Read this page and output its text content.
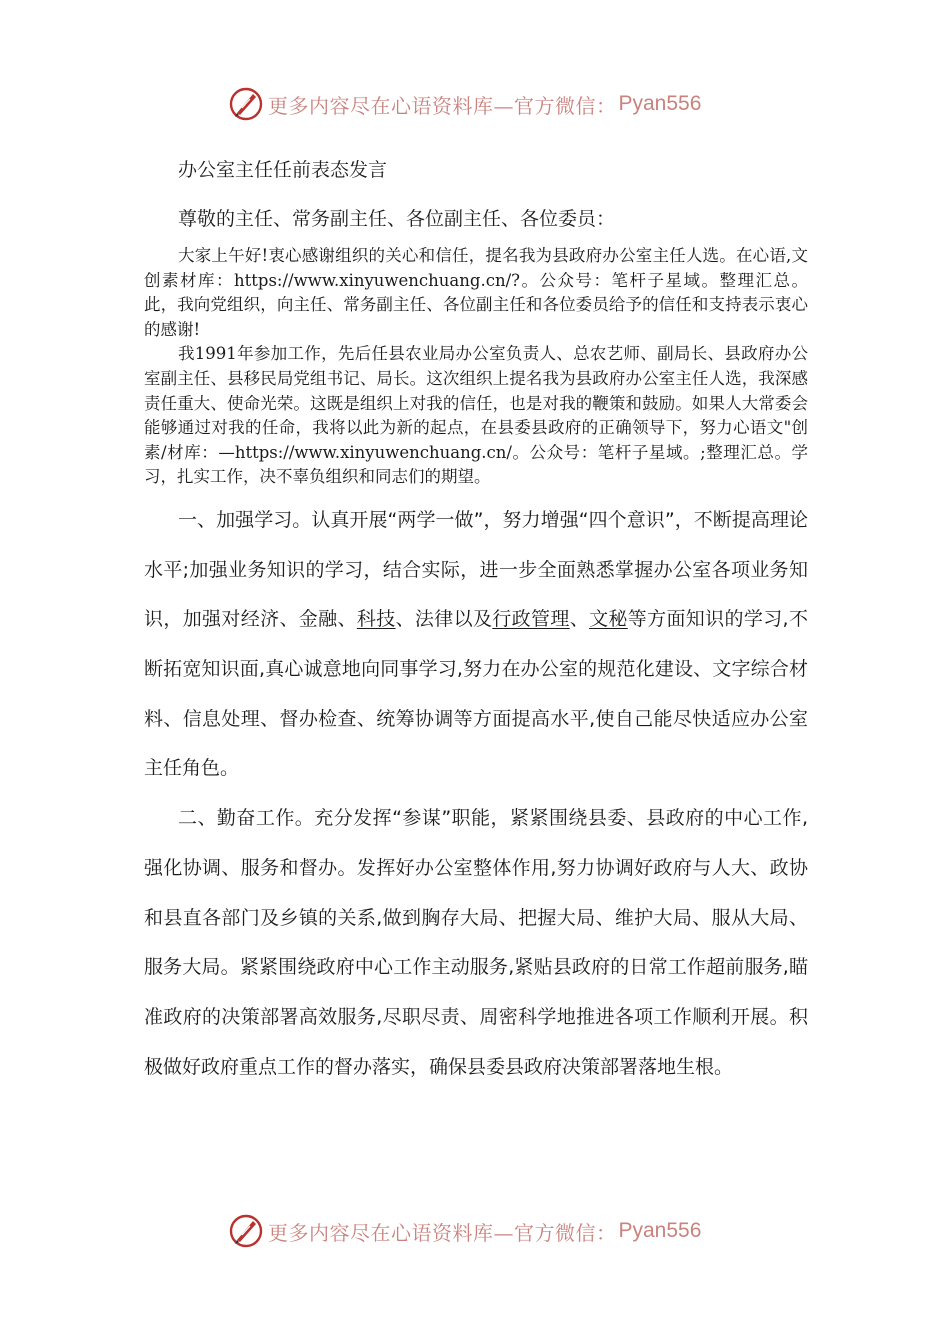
更多内容尽在心语资料库—官方微信： Pyan556
办公室主任任前表态发言

尊敬的主任、常务副主任、各位副主任、各位委员：

大家上午好!衷心感谢组织的关心和信任，提名我为县政府办公室主任人选。在心语,文创素材库：https://www.xinyuwenchuang.cn/?。公众号：笔杆子星域。整理汇总。此，我向党组织，向主任、常务副主任、各位副主任和各位委员给予的信任和支持表示衷心的感谢!

我1991年参加工作，先后任县农业局办公室负责人、总农艺师、副局长、县政府办公室副主任、县移民局党组书记、局长。这次组织上提名我为县政府办公室主任人选，我深感责任重大、使命光荣。这既是组织上对我的信任，也是对我的鞭策和鼓励。如果人大常委会能够通过对我的任命，我将以此为新的起点，在县委县政府的正确领导下，努力心语文"创素/材库：—https://www.xinyuwenchuang.cn/。公众号：笔杆子星域。;整理汇总。学习，扎实工作，决不辜负组织和同志们的期望。

一、加强学习。认真开展“两学一做”，努力增强“四个意识”，不断提高理论水平;加强业务知识的学习，结合实际，进一步全面熟悉掌握办公室各项业务知识，加强对经济、金融、科技、法律以及行政管理、文秘等方面知识的学习,不断拓宽知识面,真心诚意地向同事学习,努力在办公室的规范化建设、文字综合材料、信息处理、督办检查、统筹协调等方面提高水平,使自己能尽快适应办公室主任角色。

二、勤奋工作。充分发挥“参谋”职能，紧紧围绕县委、县政府的中心工作,强化协调、服务和督办。发挥好办公室整体作用,努力协调好政府与人大、政协和县直各部门及乡镇的关系,做到胸存大局、把握大局、维护大局、服从大局、服务大局。紧紧围绕政府中心工作主动服务,紧贴县政府的日常工作超前服务,瞄准政府的决策部署高效服务,尽职尽责、周密科学地推进各项工作顺利开展。积极做好政府重点工作的督办落实，确保县委县政府决策部署落地生根。

更多内容尽在心语资料库—官方微信： Pyan556
